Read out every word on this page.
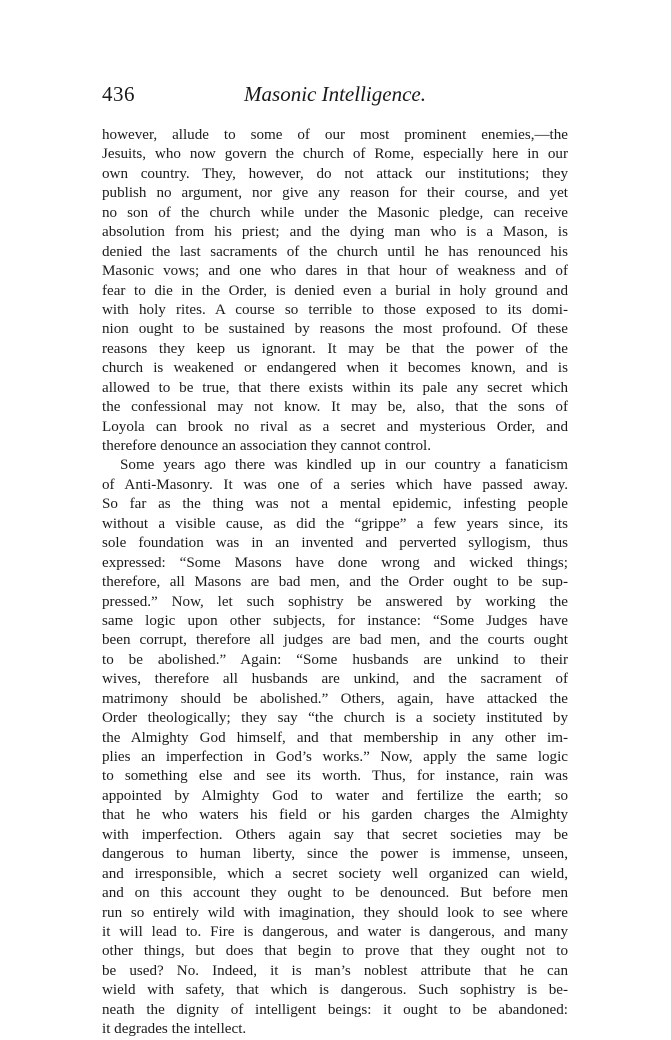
436	Masonic Intelligence.
however, allude to some of our most prominent enemies,—the
Jesuits, who now govern the church of Rome, especially here in our
own country. They, however, do not attack our institutions; they
publish no argument, nor give any reason for their course, and yet
no son of the church while under the Masonic pledge, can receive
absolution from his priest; and the dying man who is a Mason, is
denied the last sacraments of the church until he has renounced his
Masonic vows; and one who dares in that hour of weakness and of
fear to die in the Order, is denied even a burial in holy ground and
with holy rites. A course so terrible to those exposed to its domi-
nion ought to be sustained by reasons the most profound. Of these
reasons they keep us ignorant. It may be that the power of the
church is weakened or endangered when it becomes known, and is
allowed to be true, that there exists within its pale any secret which
the confessional may not know. It may be, also, that the sons of
Loyola can brook no rival as a secret and mysterious Order, and
therefore denounce an association they cannot control.
Some years ago there was kindled up in our country a fanaticism
of Anti-Masonry. It was one of a series which have passed away.
So far as the thing was not a mental epidemic, infesting people
without a visible cause, as did the “grippe” a few years since, its
sole foundation was in an invented and perverted syllogism, thus
expressed: “Some Masons have done wrong and wicked things;
therefore, all Masons are bad men, and the Order ought to be sup-
pressed.” Now, let such sophistry be answered by working the
same logic upon other subjects, for instance: “Some Judges have
been corrupt, therefore all judges are bad men, and the courts ought
to be abolished.” Again: “Some husbands are unkind to their
wives, therefore all husbands are unkind, and the sacrament of
matrimony should be abolished.” Others, again, have attacked the
Order theologically; they say “the church is a society instituted by
the Almighty God himself, and that membership in any other im-
plies an imperfection in God’s works.” Now, apply the same logic
to something else and see its worth. Thus, for instance, rain was
appointed by Almighty God to water and fertilize the earth; so
that he who waters his field or his garden charges the Almighty
with imperfection. Others again say that secret societies may be
dangerous to human liberty, since the power is immense, unseen,
and irresponsible, which a secret society well organized can wield,
and on this account they ought to be denounced. But before men
run so entirely wild with imagination, they should look to see where
it will lead to. Fire is dangerous, and water is dangerous, and many
other things, but does that begin to prove that they ought not to
be used? No. Indeed, it is man’s noblest attribute that he can
wield with safety, that which is dangerous. Such sophistry is be-
neath the dignity of intelligent beings: it ought to be abandoned:
it degrades the intellect.
